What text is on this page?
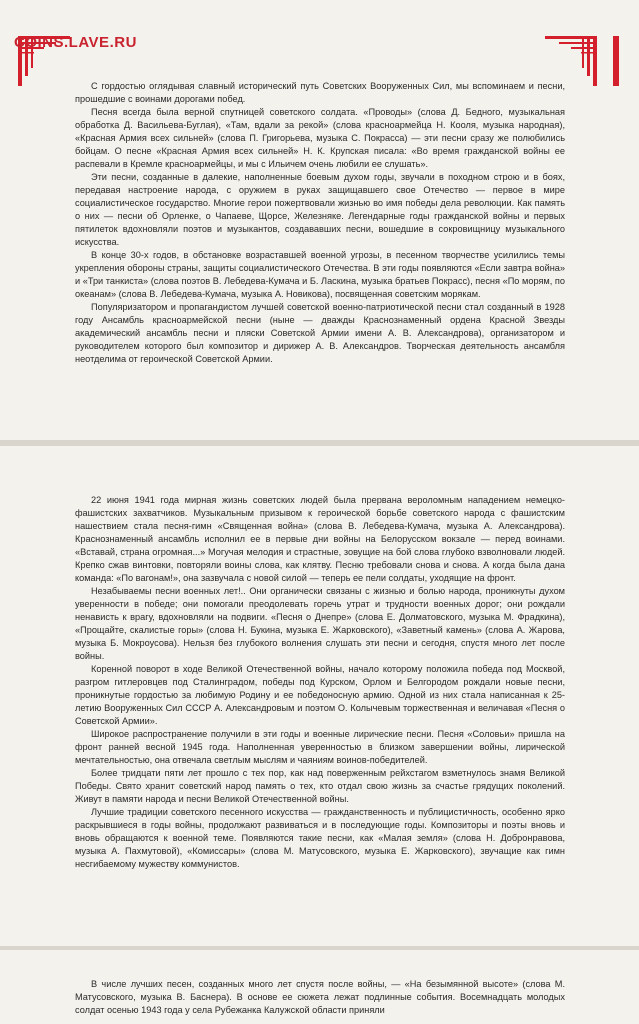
COINS.LAVE.RU

С гордостью оглядывая славный исторический путь Советских Вооруженных Сил, мы вспоминаем и песни, прошедшие с воинами дорогами побед.

Песня всегда была верной спутницей советского солдата. «Проводы» (слова Д. Бедного, музыкальная обработка Д. Васильева-Буглая), «Там, вдали за рекой» (слова красноармейца Н. Кооля, музыка народная), «Красная Армия всех сильней» (слова П. Григорьева, музыка С. Покрасса) — эти песни сразу же полюбились бойцам. О песне «Красная Армия всех сильней» Н. К. Крупская писала: «Во время гражданской войны ее распевали в Кремле красноармейцы, и мы с Ильичем очень любили ее слушать».

Эти песни, созданные в далекие, наполненные боевым духом годы, звучали в походном строю и в боях, передавая настроение народа, с оружием в руках защищавшего свое Отечество — первое в мире социалистическое государство. Многие герои пожертвовали жизнью во имя победы дела революции. Как память о них — песни об Орленке, о Чапаеве, Щорсе, Железняке. Легендарные годы гражданской войны и первых пятилеток вдохновляли поэтов и музыкантов, создававших песни, вошедшие в сокровищницу музыкального искусства.

В конце 30-х годов, в обстановке возраставшей военной угрозы, в песенном творчестве усилились темы укрепления обороны страны, защиты социалистического Отечества. В эти годы появляются «Если завтра война» и «Три танкиста» (слова поэтов В. Лебедева-Кумача и Б. Ласкина, музыка братьев Покрасс), песня «По морям, по океанам» (слова В. Лебедева-Кумача, музыка А. Новикова), посвященная советским морякам.

Популяризатором и пропагандистом лучшей советской военно-патриотической песни стал созданный в 1928 году Ансамбль красноармейской песни (ныне — дважды Краснознаменный ордена Красной Звезды академический ансамбль песни и пляски Советской Армии имени А. В. Александрова), организатором и руководителем которого был композитор и дирижер А. В. Александров. Творческая деятельность ансамбля неотделима от героической Советской Армии.

22 июня 1941 года мирная жизнь советских людей была прервана вероломным нападением немецко-фашистских захватчиков. Музыкальным призывом к героической борьбе советского народа с фашистским нашествием стала песня-гимн «Священная война» (слова В. Лебедева-Кумача, музыка А. Александрова). Краснознаменный ансамбль исполнил ее в первые дни войны на Белорусском вокзале — перед воинами. «Вставай, страна огромная...» Могучая мелодия и страстные, зовущие на бой слова глубоко взволновали людей. Крепко сжав винтовки, повторяли воины слова, как клятву. Песню требовали снова и снова. А когда была дана команда: «По вагонам!», она зазвучала с новой силой — теперь ее пели солдаты, уходящие на фронт.

Незабываемы песни военных лет!.. Они органически связаны с жизнью и болью народа, проникнуты духом уверенности в победе; они помогали преодолевать горечь утрат и трудности военных дорог; они рождали ненависть к врагу, вдохновляли на подвиги. «Песня о Днепре» (слова Е. Долматовского, музыка М. Фрадкина), «Прощайте, скалистые горы» (слова Н. Букина, музыка Е. Жарковского), «Заветный камень» (слова А. Жарова, музыка Б. Мокроусова). Нельзя без глубокого волнения слушать эти песни и сегодня, спустя много лет после войны.

Коренной поворот в ходе Великой Отечественной войны, начало которому положила победа под Москвой, разгром гитлеровцев под Сталинградом, победы под Курском, Орлом и Белгородом рождали новые песни, проникнутые гордостью за любимую Родину и ее победоносную армию. Одной из них стала написанная к 25-летию Вооруженных Сил СССР А. Александровым и поэтом О. Колычевым торжественная и величавая «Песня о Советской Армии».

Широкое распространение получили в эти годы и военные лирические песни. Песня «Соловьи» пришла на фронт ранней весной 1945 года. Наполненная уверенностью в близком завершении войны, лирической мечтательностью, она отвечала светлым мыслям и чаяниям воинов-победителей.

Более тридцати пяти лет прошло с тех пор, как над поверженным рейхстагом взметнулось знамя Великой Победы. Свято хранит советский народ память о тех, кто отдал свою жизнь за счастье грядущих поколений. Живут в памяти народа и песни Великой Отечественной войны.

Лучшие традиции советского песенного искусства — гражданственность и публицистичность, особенно ярко раскрывшиеся в годы войны, продолжают развиваться и в последующие годы. Композиторы и поэты вновь и вновь обращаются к военной теме. Появляются такие песни, как «Малая земля» (слова Н. Добронравова, музыка А. Пахмутовой), «Комиссары» (слова М. Матусовского, музыка Е. Жарковского), звучащие как гимн несгибаемому мужеству коммунистов.

В числе лучших песен, созданных много лет спустя после войны, — «На безымянной высоте» (слова М. Матусовского, музыка В. Баснера). В основе ее сюжета лежат подлинные события. Восемнадцать молодых солдат осенью 1943 года у села Рубежанка Калужской области приняли
